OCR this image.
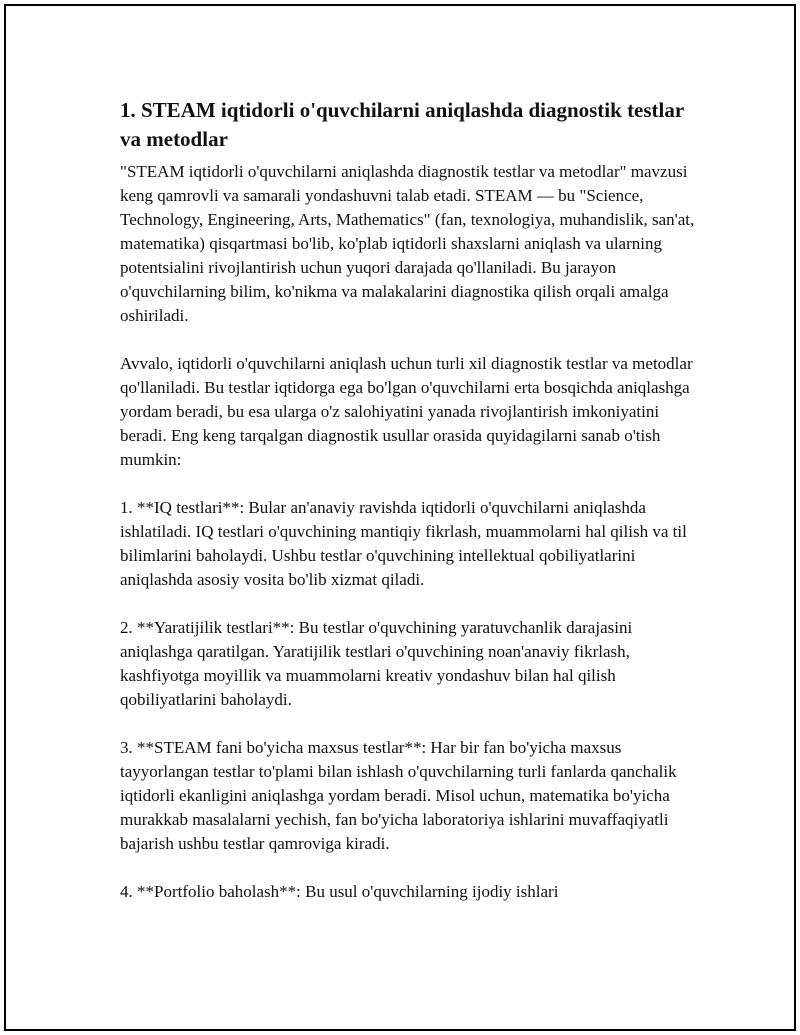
1. STEAM iqtidorli o'quvchilarni aniqlashda diagnostik testlar va metodlar

"STEAM iqtidorli o'quvchilarni aniqlashda diagnostik testlar va metodlar" mavzusi keng qamrovli va samarali yondashuvni talab etadi. STEAM — bu "Science, Technology, Engineering, Arts, Mathematics" (fan, texnologiya, muhandislik, san'at, matematika) qisqartmasi bo'lib, ko'plab iqtidorli shaxslarni aniqlash va ularning potentsialini rivojlantirish uchun yuqori darajada qo'llaniladi. Bu jarayon o'quvchilarning bilim, ko'nikma va malakalarini diagnostika qilish orqali amalga oshiriladi.

Avvalo, iqtidorli o'quvchilarni aniqlash uchun turli xil diagnostik testlar va metodlar qo'llaniladi. Bu testlar iqtidorga ega bo'lgan o'quvchilarni erta bosqichda aniqlashga yordam beradi, bu esa ularga o'z salohiyatini yanada rivojlantirish imkoniyatini beradi. Eng keng tarqalgan diagnostik usullar orasida quyidagilarni sanab o'tish mumkin:

1. **IQ testlari**: Bular an'anaviy ravishda iqtidorli o'quvchilarni aniqlashda ishlatiladi. IQ testlari o'quvchining mantiqiy fikrlash, muammolarni hal qilish va til bilimlarini baholaydi. Ushbu testlar o'quvchining intellektual qobiliyatlarini aniqlashda asosiy vosita bo'lib xizmat qiladi.

2. **Yaratijilik testlari**: Bu testlar o'quvchining yaratuvchanlik darajasini aniqlashga qaratilgan. Yaratijilik testlari o'quvchining noan'anaviy fikrlash, kashfiyotga moyillik va muammolarni kreativ yondashuv bilan hal qilish qobiliyatlarini baholaydi.

3. **STEAM fani bo'yicha maxsus testlar**: Har bir fan bo'yicha maxsus tayyorlangan testlar to'plami bilan ishlash o'quvchilarning turli fanlarda qanchalik iqtidorli ekanligini aniqlashga yordam beradi. Misol uchun, matematika bo'yicha murakkab masalalarni yechish, fan bo'yicha laboratoriya ishlarini muvaffaqiyatli bajarish ushbu testlar qamroviga kiradi.

4. **Portfolio baholash**: Bu usul o'quvchilarning ijodiy ishlari
